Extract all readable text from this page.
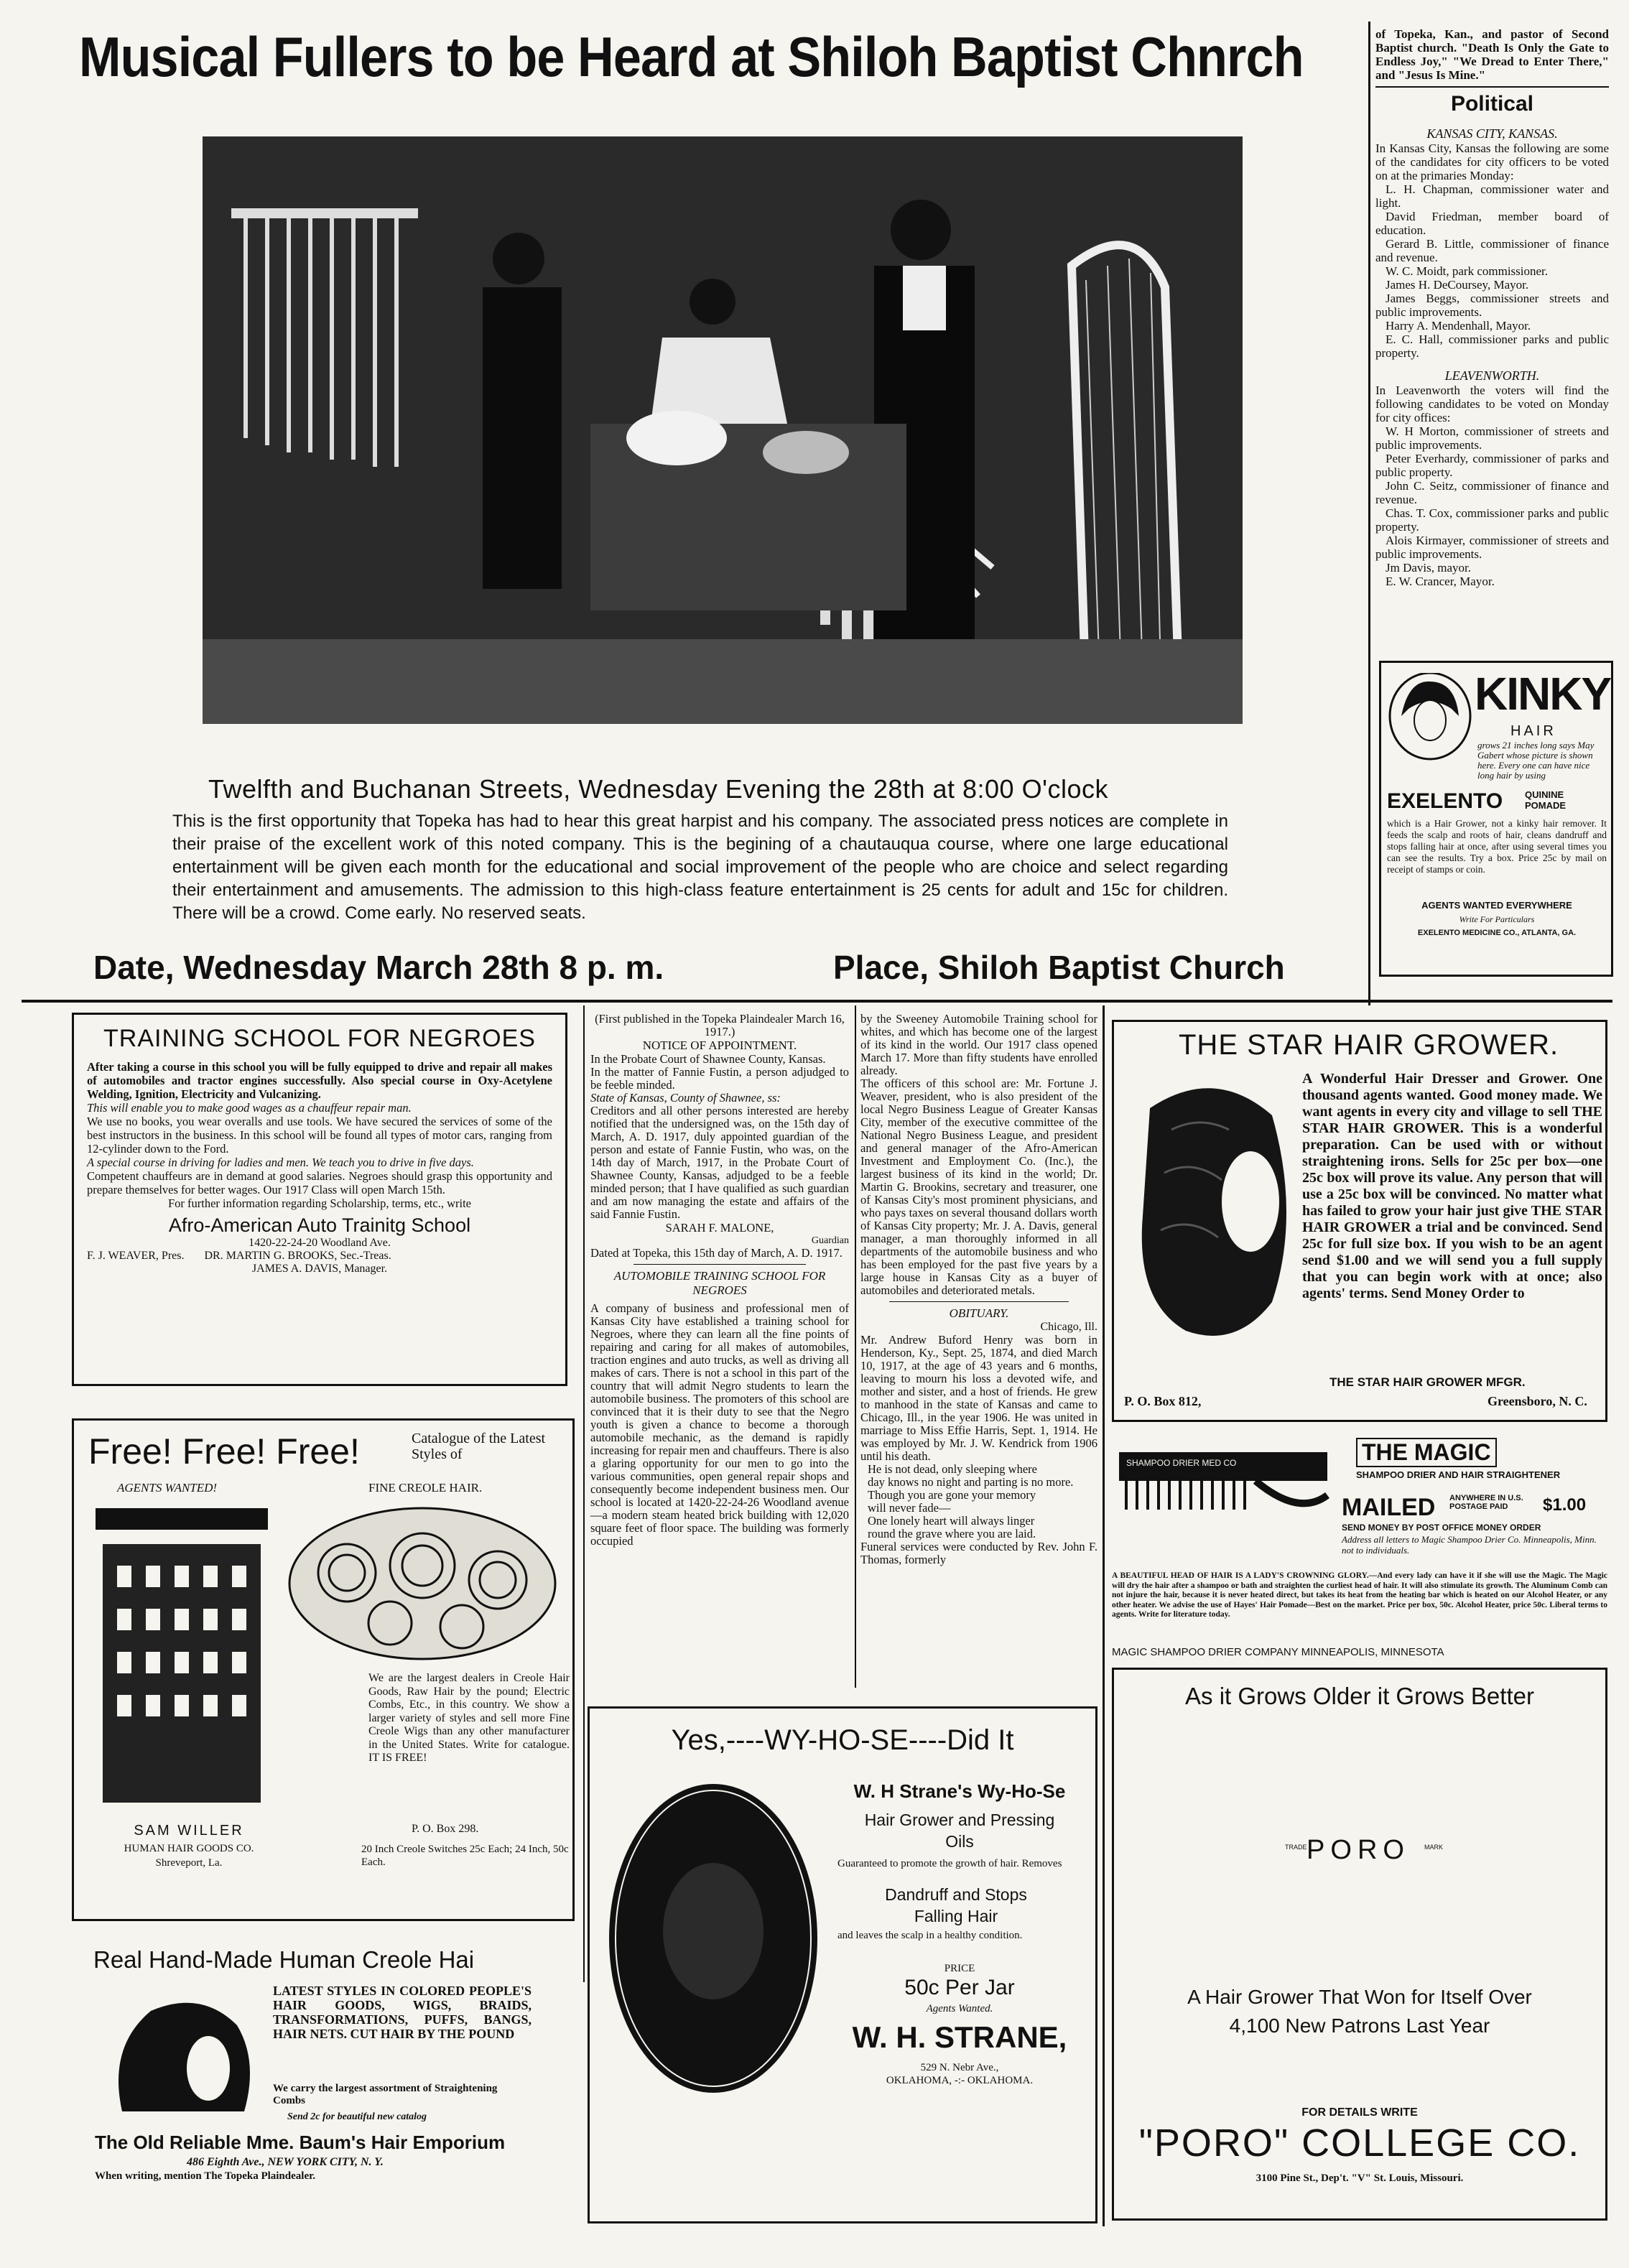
Musical Fullers to be Heard at Shiloh Baptist Chnrch
Twelfth and Buchanan Streets, Wednesday Evening the 28th at 8:00 O'clock
This is the first opportunity that Topeka has had to hear this great harpist and his company. The associated press notices are complete in their praise of the excellent work of this noted company. This is the begining of a chautauqua course, where one large educational entertainment will be given each month for the educational and social improvement of the people who are choice and select regarding their entertainment and amusements. The admission to this high-class feature entertainment is 25 cents for adult and 15c for children. There will be a crowd. Come early. No reserved seats.
Date, Wednesday March 28th 8 p. m.	Place, Shiloh Baptist Church

of Topeka, Kan., and pastor of Second Baptist church. "Death Is Only the Gate to Endless Joy," "We Dread to Enter There," and "Jesus Is Mine."

Political
KANSAS CITY, KANSAS.

In Kansas City, Kansas the following are some of the candidates for city officers to be voted on at the primaries Monday:

L. H. Chapman, commissioner water and light.

David Friedman, member board of education.

Gerard B. Little, commissioner of finance and revenue.

W. C. Moidt, park commissioner.

James H. DeCoursey, Mayor.

James Beggs, commissioner streets and public improvements.

Harry A. Mendenhall, Mayor.

E. C. Hall, commissioner parks and public property.

LEAVENWORTH.

In Leavenworth the voters will find the following candidates to be voted on Monday for city offices:

W. H Morton, commissioner of streets and public improvements.

Peter Everhardy, commissioner of parks and public property.

John C. Seitz, commissioner of finance and revenue.

Chas. T. Cox, commissioner parks and public property.

Alois Kirmayer, commissioner of streets and public improvements.

Jm Davis, mayor.

E. W. Crancer, Mayor.

KINKY
HAIR
grows 21 inches long says May Gabert whose picture is shown here. Every one can have nice long hair by using
EXELENTO QUININE POMADE
which is a Hair Grower, not a kinky hair remover. It feeds the scalp and roots of hair, cleans dandruff and stops falling hair at once, after using several times you can see the results. Try a box. Price 25c by mail on receipt of stamps or coin.
AGENTS WANTED EVERYWHERE
Write For Particulars
EXELENTO MEDICINE CO., ATLANTA, GA.
TRAINING SCHOOL FOR NEGROES

After taking a course in this school you will be fully equipped to drive and repair all makes of automobiles and tractor engines successfully. Also special course in Oxy-Acetylene Welding, Ignition, Electricity and Vulcanizing.

This will enable you to make good wages as a chauffeur repair man.

We use no books, you wear overalls and use tools. We have secured the services of some of the best instructors in the business. In this school will be found all types of motor cars, ranging from 12-cylinder down to the Ford.

A special course in driving for ladies and men. We teach you to drive in five days.

Competent chauffeurs are in demand at good salaries. Negroes should grasp this opportunity and prepare themselves for better wages. Our 1917 Class will open March 15th.

For further information regarding Scholarship, terms, etc., write

Afro-American Auto Trainitg School
1420-22-24-20 Woodland Ave.
F. J. WEAVER, Pres.       DR. MARTIN G. BROOKS, Sec.-Treas.
JAMES A. DAVIS, Manager.

(First published in the Topeka Plaindealer March 16, 1917.)

NOTICE OF APPOINTMENT.

In the Probate Court of Shawnee County, Kansas.

In the matter of Fannie Fustin, a person adjudged to be feeble minded.

State of Kansas, County of Shawnee, ss:

Creditors and all other persons interested are hereby notified that the undersigned was, on the 15th day of March, A. D. 1917, duly appointed guardian of the person and estate of Fannie Fustin, who was, on the 14th day of March, 1917, in the Probate Court of Shawnee County, Kansas, adjudged to be a feeble minded person; that I have qualified as such guardian and am now managing the estate and affairs of the said Fannie Fustin.

SARAH F. MALONE,
Guardian

Dated at Topeka, this 15th day of March, A. D. 1917.

AUTOMOBILE TRAINING SCHOOL FOR NEGROES

A company of business and professional men of Kansas City have established a training school for Negroes, where they can learn all the fine points of repairing and caring for all makes of automobiles, traction engines and auto trucks, as well as driving all makes of cars. There is not a school in this part of the country that will admit Negro students to learn the automobile business. The promoters of this school are convinced that it is their duty to see that the Negro youth is given a chance to become a thorough automobile mechanic, as the demand is rapidly increasing for repair men and chauffeurs. There is also a glaring opportunity for our men to go into the various communities, open general repair shops and consequently become independent business men. Our school is located at 1420-22-24-26 Woodland avenue—a modern steam heated brick building with 12,020 square feet of floor space. The building was formerly occupied

by the Sweeney Automobile Training school for whites, and which has become one of the largest of its kind in the world. Our 1917 class opened March 17. More than fifty students have enrolled already.

The officers of this school are: Mr. Fortune J. Weaver, president, who is also president of the local Negro Business League of Greater Kansas City, member of the executive committee of the National Negro Business League, and president and general manager of the Afro-American Investment and Employment Co. (Inc.), the largest business of its kind in the world; Dr. Martin G. Brookins, secretary and treasurer, one of Kansas City's most prominent physicians, and who pays taxes on several thousand dollars worth of Kansas City property; Mr. J. A. Davis, general manager, a man thoroughly informed in all departments of the automobile business and who has been employed for the past five years by a large house in Kansas City as a buyer of automobiles and deteriorated metals.

OBITUARY.
Chicago, Ill.

Mr. Andrew Buford Henry was born in Henderson, Ky., Sept. 25, 1874, and died March 10, 1917, at the age of 43 years and 6 months, leaving to mourn his loss a devoted wife, and mother and sister, and a host of friends. He grew to manhood in the state of Kansas and came to Chicago, Ill., in the year 1906. He was united in marriage to Miss Effie Harris, Sept. 1, 1914. He was employed by Mr. J. W. Kendrick from 1906 until his death.

He is not dead, only sleeping where

day knows no night and parting is no more.

Though you are gone your memory

will never fade—

One lonely heart will always linger

round the grave where you are laid.

Funeral services were conducted by Rev. John F. Thomas, formerly

THE STAR HAIR GROWER.
A Wonderful Hair Dresser and Grower. One thousand agents wanted. Good money made. We want agents in every city and village to sell THE STAR HAIR GROWER. This is a wonderful preparation. Can be used with or without straightening irons. Sells for 25c per box—one 25c box will prove its value. Any person that will use a 25c box will be convinced. No matter what has failed to grow your hair just give THE STAR HAIR GROWER a trial and be convinced. Send 25c for full size box. If you wish to be an agent send $1.00 and we will send you a full supply that you can begin work with at once; also agents' terms. Send Money Order to
THE STAR HAIR GROWER MFGR.
P. O. Box 812,	Greensboro, N. C.
SHAMPOO DRIER MED CO	THE MAGIC
SHAMPOO DRIER AND HAIR STRAIGHTENER
MAILED ANYWHERE IN U.S. POSTAGE PAID	$1.00
SEND MONEY BY POST OFFICE MONEY ORDER
Address all letters to Magic Shampoo Drier Co. Minneapolis, Minn. not to individuals.
A BEAUTIFUL HEAD OF HAIR IS A LADY'S CROWNING GLORY.—And every lady can have it if she will use the Magic. The Magic will dry the hair after a shampoo or bath and straighten the curliest head of hair. It will also stimulate its growth. The Aluminum Comb can not injure the hair, because it is never heated direct, but takes its heat from the heating bar which is heated on our Alcohol Heater, or any other heater. We advise the use of Hayes' Hair Pomade—Best on the market. Price per box, 50c. Alcohol Heater, price 50c. Liberal terms to agents. Write for literature today.
MAGIC SHAMPOO DRIER COMPANY MINNEAPOLIS, MINNESOTA
As it Grows Older it Grows Better
PORO
TRADE	MARK
A Hair Grower That Won for Itself Over
4,100 New Patrons Last Year
FOR DETAILS WRITE
"PORO" COLLEGE CO.
3100 Pine St., Dep't. "V" St. Louis, Missouri.
Free! Free! Free!	Catalogue of the Latest Styles of
AGENTS WANTED!	FINE CREOLE HAIR.
We are the largest dealers in Creole Hair Goods, Raw Hair by the pound; Electric Combs, Etc., in this country. We show a larger variety of styles and sell more Fine Creole Wigs than any other manufacturer in the United States. Write for catalogue. IT IS FREE!
SAM WILLER
HUMAN HAIR GOODS CO.
Shreveport, La.
P. O. Box 298.
20 Inch Creole Switches 25c Each; 24 Inch, 50c Each.
Real Hand-Made Human Creole Hai
LATEST STYLES IN COLORED PEOPLE'S HAIR GOODS, WIGS, BRAIDS, TRANSFORMATIONS, PUFFS, BANGS, HAIR NETS. CUT HAIR BY THE POUND
We carry the largest assortment of Straightening Combs
Send 2c for beautiful new catalog
The Old Reliable Mme. Baum's Hair Emporium
486 Eighth Ave., NEW YORK CITY, N. Y.
When writing, mention The Topeka Plaindealer.
Yes,----WY-HO-SE----Did It
W. H Strane's Wy-Ho-Se
Hair Grower and Pressing Oils
Guaranteed to promote the growth of hair. Removes
Dandruff and Stops Falling Hair
and leaves the scalp in a healthy condition.
PRICE
50c Per Jar
Agents Wanted.
W. H. STRANE,
529 N. Nebr Ave.,
OKLAHOMA, -:- OKLAHOMA.
